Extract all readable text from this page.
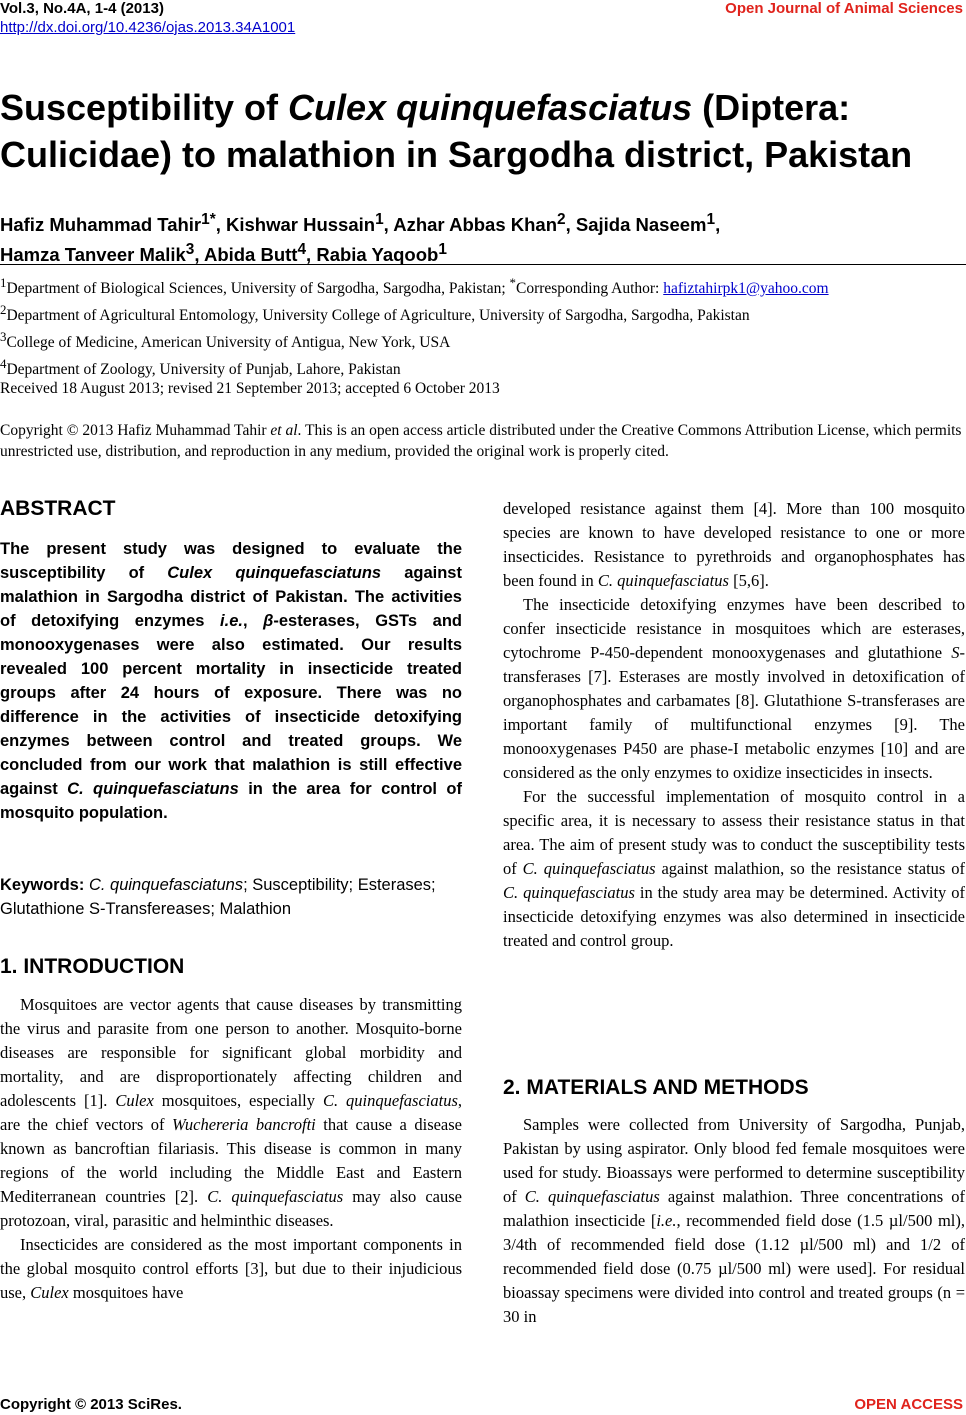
Vol.3, No.4A, 1-4 (2013)
http://dx.doi.org/10.4236/ojas.2013.34A1001
Open Journal of Animal Sciences
Susceptibility of Culex quinquefasciatus (Diptera:
Culicidae) to malathion in Sargodha district, Pakistan
Hafiz Muhammad Tahir$^{1*}$, Kishwar Hussain$^1$, Azhar Abbas Khan$^2$, Sajida Naseem$^1$,
Hamza Tanveer Malik$^3$, Abida Butt$^4$, Rabia Yaqoob$^1$
$^1$Department of Biological Sciences, University of Sargodha, Sargodha, Pakistan; *Corresponding Author: hafiztahirpk1@yahoo.com
$^2$Department of Agricultural Entomology, University College of Agriculture, University of Sargodha, Sargodha, Pakistan
$^3$College of Medicine, American University of Antigua, New York, USA
$^4$Department of Zoology, University of Punjab, Lahore, Pakistan
Received 18 August 2013; revised 21 September 2013; accepted 6 October 2013
Copyright © 2013 Hafiz Muhammad Tahir et al. This is an open access article distributed under the Creative Commons Attribution License, which permits unrestricted use, distribution, and reproduction in any medium, provided the original work is properly cited.
ABSTRACT
The present study was designed to evaluate the susceptibility of Culex quinquefasciatuns against malathion in Sargodha district of Pakistan. The activities of detoxifying enzymes i.e., β-esterases, GSTs and monooxygenases were also estimated. Our results revealed 100 percent mortality in insecticide treated groups after 24 hours of exposure. There was no difference in the activities of insecticide detoxifying enzymes between control and treated groups. We concluded from our work that malathion is still effective against C. quinquefasciatuns in the area for control of mosquito population.
Keywords: C. quinquefasciatuns; Susceptibility; Esterases; Glutathione S-Transfereases; Malathion
1. INTRODUCTION

Mosquitoes are vector agents that cause diseases by transmitting the virus and parasite from one person to another. Mosquito-borne diseases are responsible for significant global morbidity and mortality, and are disproportionately affecting children and adolescents [1]. Culex mosquitoes, especially C. quinquefasciatus, are the chief vectors of Wuchereria bancrofti that cause a disease known as bancroftian filariasis. This disease is common in many regions of the world including the Middle East and Eastern Mediterranean countries [2]. C. quinquefasciatus may also cause protozoan, viral, parasitic and helminthic diseases.

Insecticides are considered as the most important components in the global mosquito control efforts [3], but due to their injudicious use, Culex mosquitoes have

developed resistance against them [4]. More than 100 mosquito species are known to have developed resistance to one or more insecticides. Resistance to pyrethroids and organophosphates has been found in C. quinquefasciatus [5,6].

The insecticide detoxifying enzymes have been described to confer insecticide resistance in mosquitoes which are esterases, cytochrome P-450-dependent monooxygenases and glutathione S-transferases [7]. Esterases are mostly involved in detoxification of organophosphates and carbamates [8]. Glutathione S-transferases are important family of multifunctional enzymes [9]. The monooxygenases P450 are phase-I metabolic enzymes [10] and are considered as the only enzymes to oxidize insecticides in insects.

For the successful implementation of mosquito control in a specific area, it is necessary to assess their resistance status in that area. The aim of present study was to conduct the susceptibility tests of C. quinquefasciatus against malathion, so the resistance status of C. quinquefasciatus in the study area may be determined. Activity of insecticide detoxifying enzymes was also determined in insecticide treated and control group.

2. MATERIALS AND METHODS

Samples were collected from University of Sargodha, Punjab, Pakistan by using aspirator. Only blood fed female mosquitoes were used for study. Bioassays were performed to determine susceptibility of C. quinquefasciatus against malathion. Three concentrations of malathion insecticide [i.e., recommended field dose (1.5 µl/500 ml), 3/4th of recommended field dose (1.12 µl/500 ml) and 1/2 of recommended field dose (0.75 µl/500 ml) were used]. For residual bioassay specimens were divided into control and treated groups (n = 30 in

Copyright © 2013 SciRes.	OPEN ACCESS
